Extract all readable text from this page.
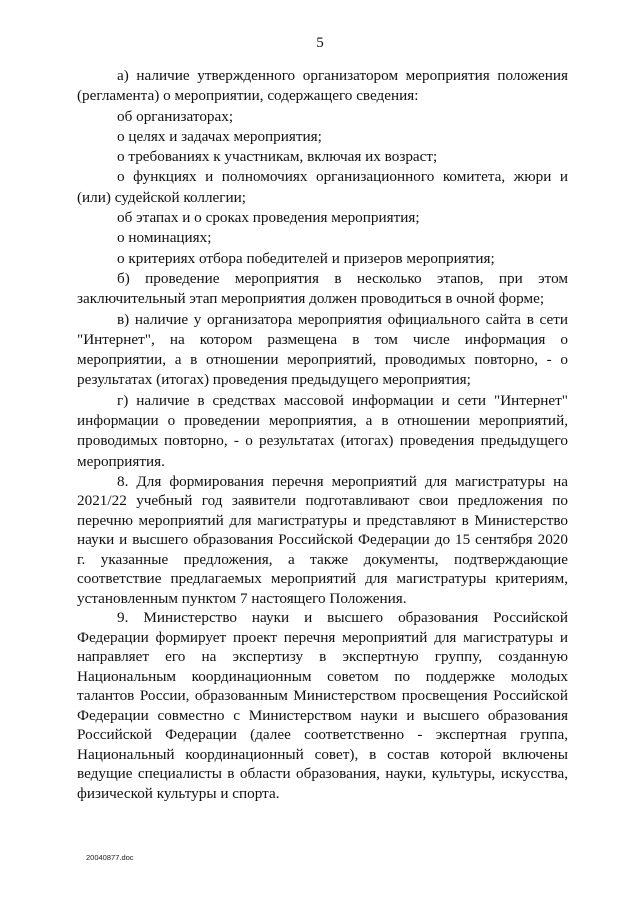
5

а) наличие утвержденного организатором мероприятия положения (регламента) о мероприятии, содержащего сведения:

об организаторах;

о целях и задачах мероприятия;

о требованиях к участникам, включая их возраст;

о функциях и полномочиях организационного комитета, жюри и (или) судейской коллегии;

об этапах и о сроках проведения мероприятия;

о номинациях;

о критериях отбора победителей и призеров мероприятия;

б) проведение мероприятия в несколько этапов, при этом заключительный этап мероприятия должен проводиться в очной форме;

в) наличие у организатора мероприятия официального сайта в сети "Интернет", на котором размещена в том числе информация о мероприятии, а в отношении мероприятий, проводимых повторно, - о результатах (итогах) проведения предыдущего мероприятия;

г) наличие в средствах массовой информации и сети "Интернет" информации о проведении мероприятия, а в отношении мероприятий, проводимых повторно, - о результатах (итогах) проведения предыдущего мероприятия.

8. Для формирования перечня мероприятий для магистратуры на 2021/22 учебный год заявители подготавливают свои предложения по перечню мероприятий для магистратуры и представляют в Министерство науки и высшего образования Российской Федерации до 15 сентября 2020 г. указанные предложения, а также документы, подтверждающие соответствие предлагаемых мероприятий для магистратуры критериям, установленным пунктом 7 настоящего Положения.

9. Министерство науки и высшего образования Российской Федерации формирует проект перечня мероприятий для магистратуры и направляет его на экспертизу в экспертную группу, созданную Национальным координационным советом по поддержке молодых талантов России, образованным Министерством просвещения Российской Федерации совместно с Министерством науки и высшего образования Российской Федерации (далее соответственно - экспертная группа, Национальный координационный совет), в состав которой включены ведущие специалисты в области образования, науки, культуры, искусства, физической культуры и спорта.

20040877.doc
